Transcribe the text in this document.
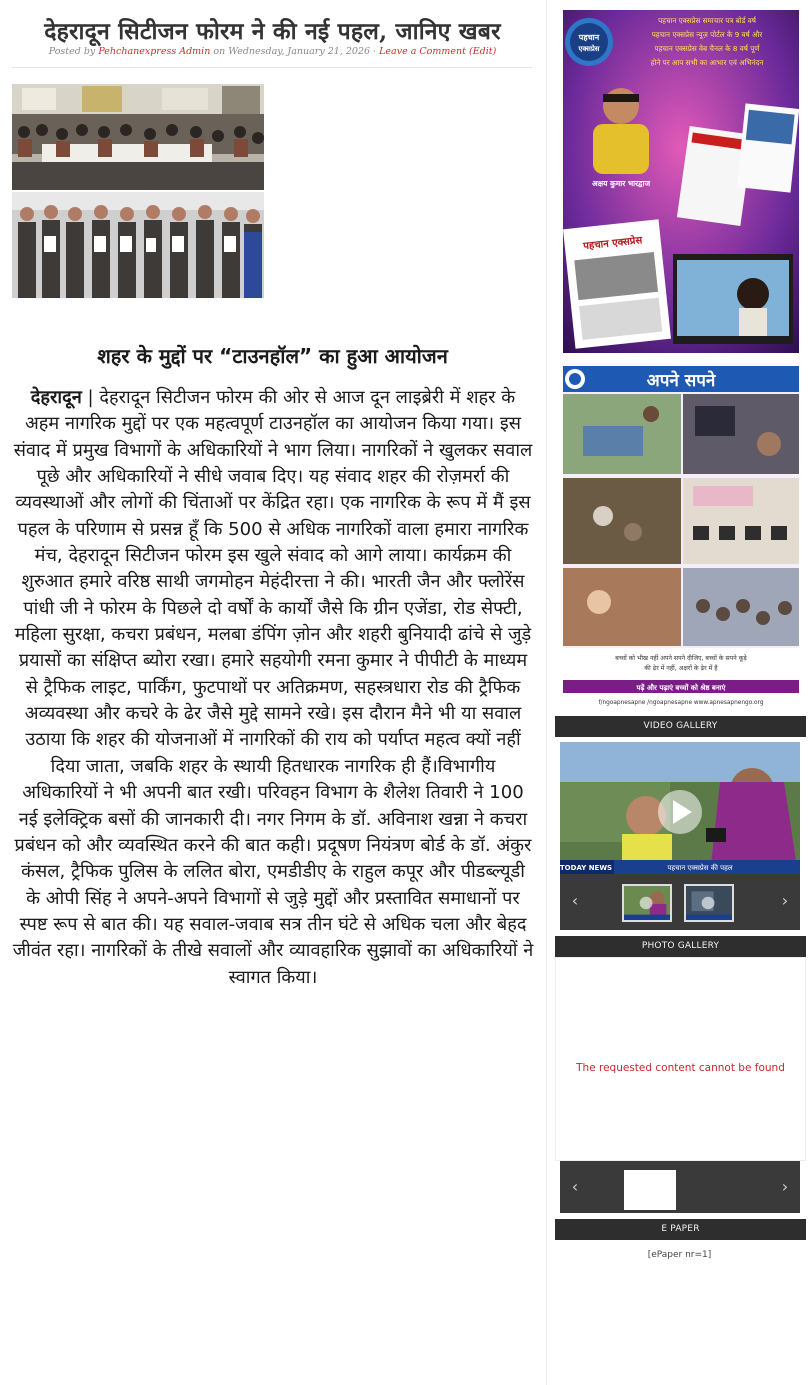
देहरादून सिटीजन फोरम ने की नई पहल, जानिए खबर
Posted by Pehchanexpress Admin on Wednesday, January 21, 2026 · Leave a Comment (Edit)
शहर के मुद्दों पर “टाउनहॉल” का हुआ आयोजन

देहरादून | देहरादून सिटीजन फोरम की ओर से आज दून लाइब्रेरी में शहर के अहम नागरिक मुद्दों पर एक महत्वपूर्ण टाउनहॉल का आयोजन किया गया। इस संवाद में प्रमुख विभागों के अधिकारियों ने भाग लिया। नागरिकों ने खुलकर सवाल पूछे और अधिकारियों ने सीधे जवाब दिए। यह संवाद शहर की रोज़मर्रा की व्यवस्थाओं और लोगों की चिंताओं पर केंद्रित रहा। एक नागरिक के रूप में मैं इस पहल के परिणाम से प्रसन्न हूँ कि 500 से अधिक नागरिकों वाला हमारा नागरिक मंच, देहरादून सिटीजन फोरम इस खुले संवाद को आगे लाया। कार्यक्रम की शुरुआत हमारे वरिष्ठ साथी जगमोहन मेहंदीरत्ता ने की। भारती जैन और फ्लोरेंस पांधी जी ने फोरम के पिछले दो वर्षों के कार्यों जैसे कि ग्रीन एजेंडा, रोड सेफ्टी, महिला सुरक्षा, कचरा प्रबंधन, मलबा डंपिंग ज़ोन और शहरी बुनियादी ढांचे से जुड़े प्रयासों का संक्षिप्त ब्योरा रखा। हमारे सहयोगी रमना कुमार ने पीपीटी के माध्यम से ट्रैफिक लाइट, पार्किंग, फुटपाथों पर अतिक्रमण, सहस्त्रधारा रोड की ट्रैफिक अव्यवस्था और कचरे के ढेर जैसे मुद्दे सामने रखे। इस दौरान मैने भी या सवाल उठाया कि शहर की योजनाओं में नागरिकों की राय को पर्याप्त महत्व क्यों नहीं दिया जाता, जबकि शहर के स्थायी हितधारक नागरिक ही हैं।विभागीय अधिकारियों ने भी अपनी बात रखी। परिवहन विभाग के शैलेश तिवारी ने 100 नई इलेक्ट्रिक बसों की जानकारी दी। नगर निगम के डॉ. अविनाश खन्ना ने कचरा प्रबंधन को और व्यवस्थित करने की बात कही। प्रदूषण नियंत्रण बोर्ड के डॉ. अंकुर कंसल, ट्रैफिक पुलिस के ललित बोरा, एमडीडीए के राहुल कपूर और पीडब्ल्यूडी के ओपी सिंह ने अपने-अपने विभागों से जुड़े मुद्दों और प्रस्तावित समाधानों पर स्पष्ट रूप से बात की। यह सवाल-जवाब सत्र तीन घंटे से अधिक चला और बेहद जीवंत रहा। नागरिकों के तीखे सवालों और व्यावहारिक सुझावों का अधिकारियों ने स्वागत किया।

पहचान
एक्सप्रेस
पहचान एक्सप्रेस समाचार पत्र बोर्ड वर्ष
पहचान एक्सप्रेस न्यूज़ पोर्टल के 9 वर्ष और
पहचान एक्सप्रेस वेब चैनल के 8 वर्ष पूर्ण
होने पर आप सभी का आभार एवं अभिनंदन
अक्षय कुमार भारद्वाज
पहचान एक्सप्रेस
अपने सपने
बच्चों को भीख नहीं अपने सपने दीजिए, बच्चों के सपने कूड़े
की ढेर में नहीं, अक्षरों के ढेर में है
पढ़ें और पढ़ाएं बच्चों को श्रेष्ठ बनाएं
f/ngoapnesapne /ngoapnesapne www.apnesapnengo.org
VIDEO GALLERY
TODAY NEWS	पहचान एक्सप्रेस की पहल
‹	›
PHOTO GALLERY
The requested content cannot be found
‹	›
E PAPER
[ePaper nr=1]
